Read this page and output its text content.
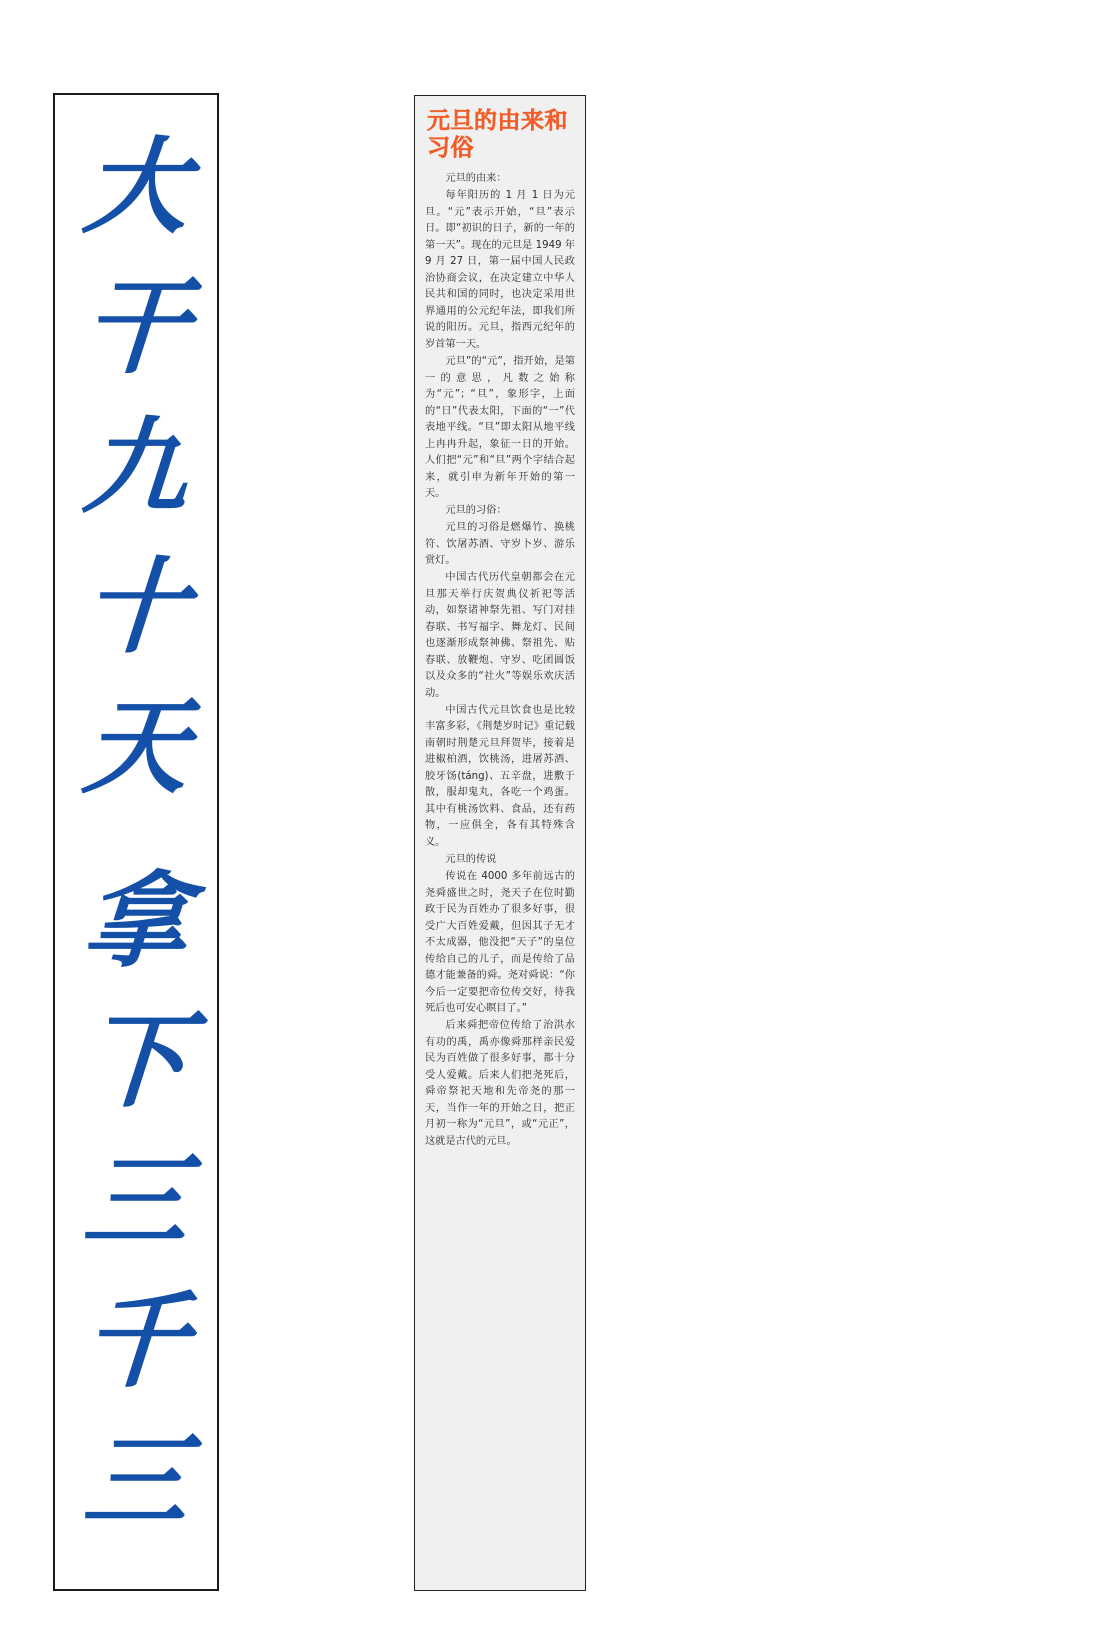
大
干
九
十
天
拿
下
三
千
三
元旦的由来和习俗

元旦的由来：

每年阳历的 1 月 1 日为元旦。“元”表示开始，“旦”表示日。即“初识的日子，新的一年的第一天”。现在的元旦是 1949 年 9 月 27 日，第一届中国人民政治协商会议，在决定建立中华人民共和国的同时，也决定采用世界通用的公元纪年法，即我们所说的阳历。元旦，指西元纪年的岁首第一天。

元旦”的“元”，指开始，是第一的意思，凡数之始称为“元”；“旦”，象形字，上面的“日”代表太阳，下面的“一”代表地平线。“旦”即太阳从地平线上冉冉升起，象征一日的开始。人们把“元”和“旦”两个字结合起来，就引申为新年开始的第一天。

元旦的习俗：

元旦的习俗是燃爆竹、换桃符、饮屠苏酒、守岁卜岁、游乐赏灯。

中国古代历代皇朝都会在元旦那天举行庆贺典仪祈祀等活动，如祭诸神祭先祖、写门对挂春联、书写福字、舞龙灯、民间也逐渐形成祭神佛、祭祖先、贴春联、放鞭炮、守岁、吃团圆饭以及众多的“社火”等娱乐欢庆活动。

中国古代元旦饮食也是比较丰富多彩，《荆楚岁时记》重记载南朝时荆楚元旦拜贺毕，接着是进椒柏酒，饮桃汤，进屠苏酒、胶牙饧(táng)、五辛盘，进敷于散，服却鬼丸，各吃一个鸡蛋。其中有桃汤饮料、食品，还有药物，一应俱全，各有其特殊含义。

元旦的传说

传说在 4000 多年前远古的尧舜盛世之时，尧天子在位时勤政于民为百姓办了很多好事，很受广大百姓爱戴，但因其子无才不太成器，他没把“天子”的皇位传给自己的儿子，而是传给了品德才能兼备的舜。尧对舜说：“你今后一定要把帝位传交好，待我死后也可安心瞑目了。”

后来舜把帝位传给了治洪水有功的禹，禹亦像舜那样亲民爱民为百姓做了很多好事，都十分受人爱戴。后来人们把尧死后，舜帝祭祀天地和先帝尧的那一天，当作一年的开始之日，把正月初一称为“元旦”，或“元正”，这就是古代的元旦。
